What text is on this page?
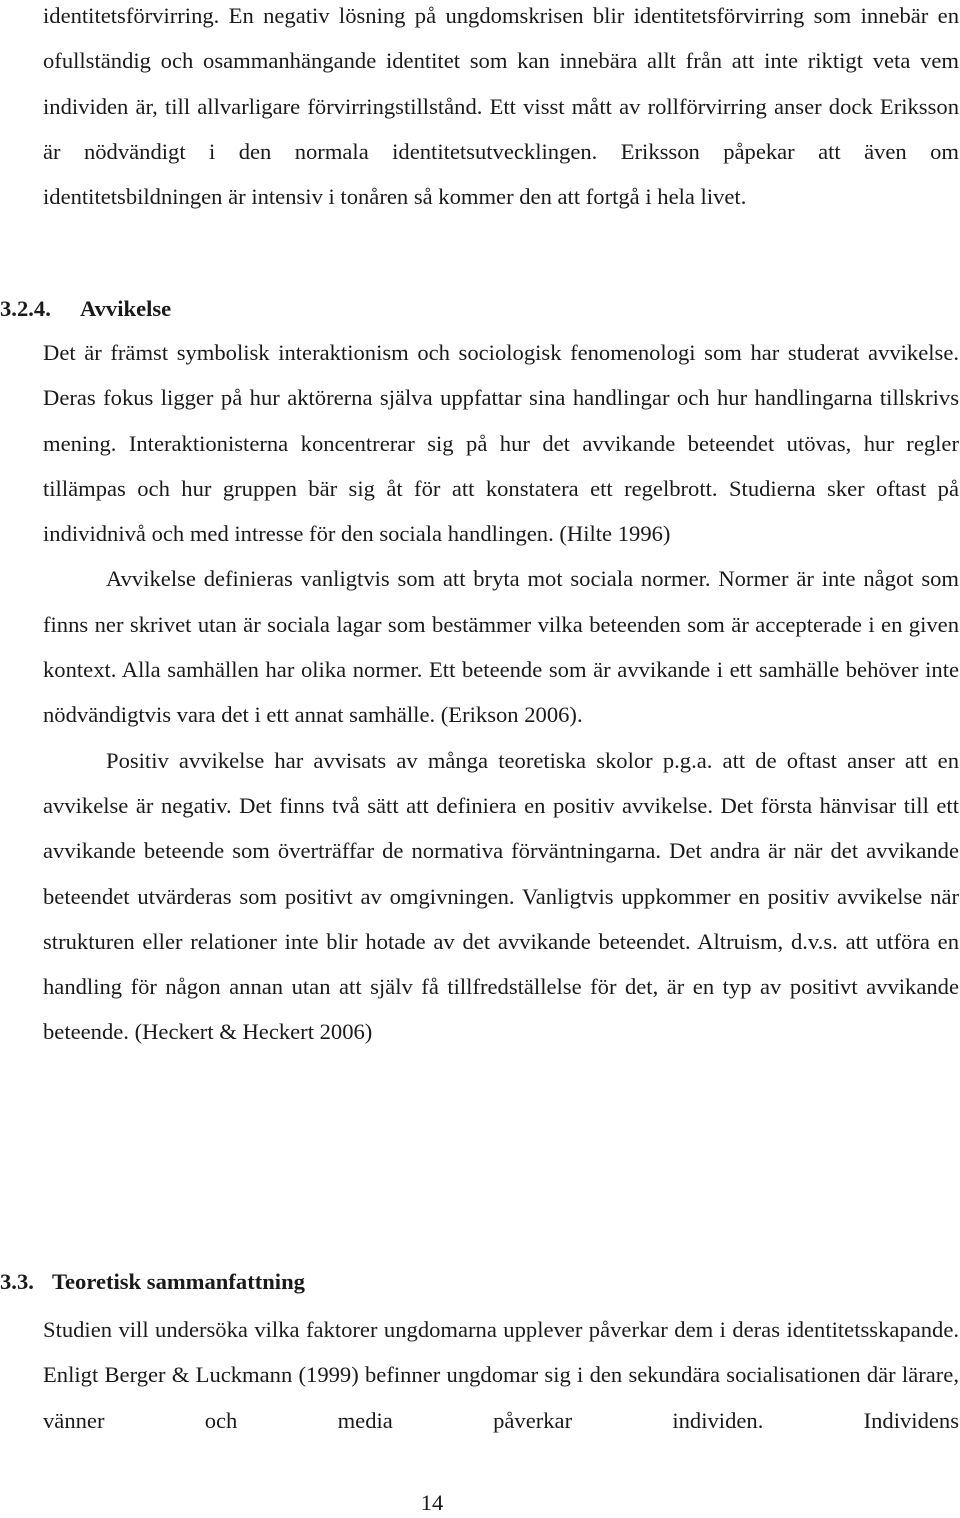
identitetsförvirring. En negativ lösning på ungdomskrisen blir identitetsförvirring som innebär en ofullständig och osammanhängande identitet som kan innebära allt från att inte riktigt veta vem individen är, till allvarligare förvirringstillstånd. Ett visst mått av rollförvirring anser dock Eriksson är nödvändigt i den normala identitetsutvecklingen. Eriksson påpekar att även om identitetsbildningen är intensiv i tonåren så kommer den att fortgå i hela livet.

3.2.4. Avvikelse

Det är främst symbolisk interaktionism och sociologisk fenomenologi som har studerat avvikelse. Deras fokus ligger på hur aktörerna själva uppfattar sina handlingar och hur handlingarna tillskrivs mening. Interaktionisterna koncentrerar sig på hur det avvikande beteendet utövas, hur regler tillämpas och hur gruppen bär sig åt för att konstatera ett regelbrott. Studierna sker oftast på individnivå och med intresse för den sociala handlingen. (Hilte 1996)

Avvikelse definieras vanligtvis som att bryta mot sociala normer. Normer är inte något som finns ner skrivet utan är sociala lagar som bestämmer vilka beteenden som är accepterade i en given kontext. Alla samhällen har olika normer. Ett beteende som är avvikande i ett samhälle behöver inte nödvändigtvis vara det i ett annat samhälle. (Erikson 2006).

Positiv avvikelse har avvisats av många teoretiska skolor p.g.a. att de oftast anser att en avvikelse är negativ. Det finns två sätt att definiera en positiv avvikelse. Det första hänvisar till ett avvikande beteende som överträffar de normativa förväntningarna. Det andra är när det avvikande beteendet utvärderas som positivt av omgivningen. Vanligtvis uppkommer en positiv avvikelse när strukturen eller relationer inte blir hotade av det avvikande beteendet. Altruism, d.v.s. att utföra en handling för någon annan utan att själv få tillfredställelse för det, är en typ av positivt avvikande beteende. (Heckert & Heckert 2006)

3.3. Teoretisk sammanfattning

Studien vill undersöka vilka faktorer ungdomarna upplever påverkar dem i deras identitetsskapande. Enligt Berger & Luckmann (1999) befinner ungdomar sig i den sekundära socialisationen där lärare, vänner och media påverkar individen. Individens

14
